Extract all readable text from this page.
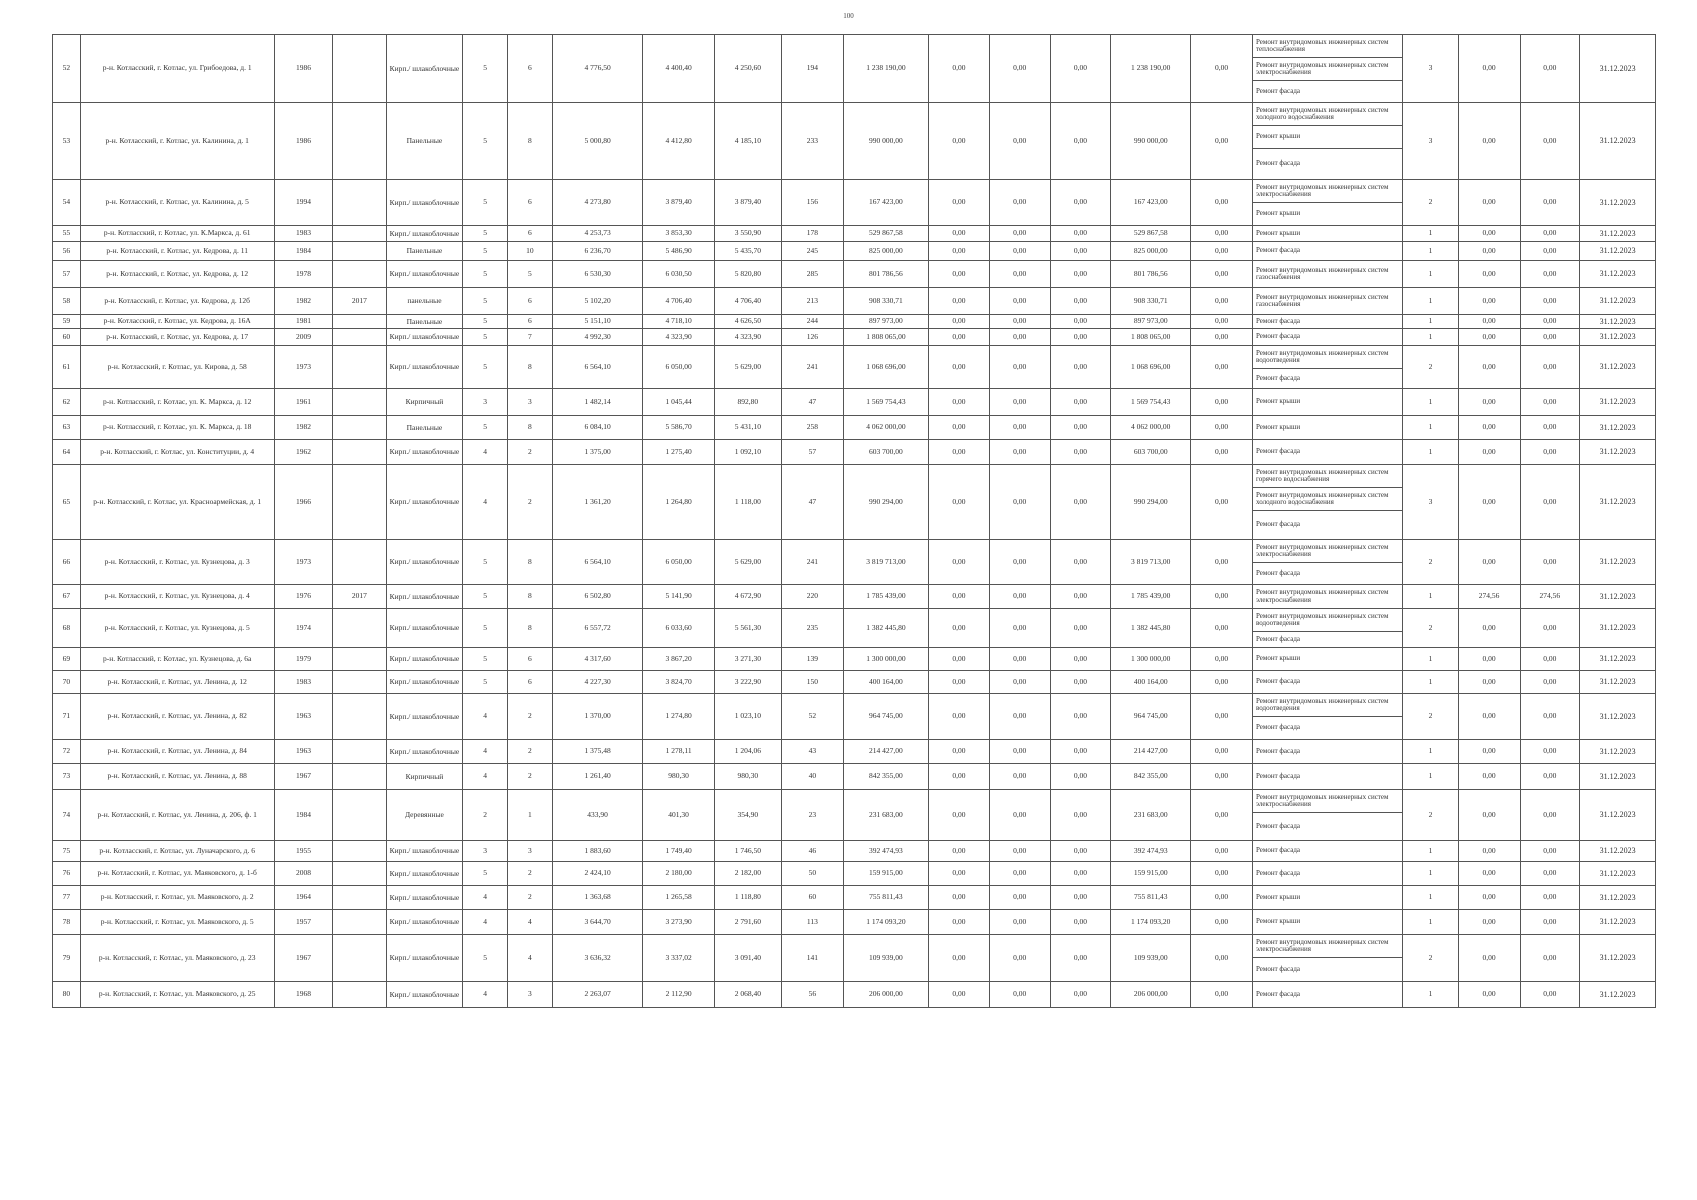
100
52	р-н. Котласский, г. Котлас, ул. Грибоедова, д. 1	1986		Кирп./ шлакоблочные	5	6	4 776,50	4 400,40	4 250,60	194	1 238 190,00	0,00	0,00	0,00	1 238 190,00	0,00	Ремонт внутридомовых инженерных систем теплоснабжения
Ремонт внутридомовых инженерных систем электроснабжения
Ремонт фасада	3	0,00	0,00	31.12.2023
53	р-н. Котласский, г. Котлас, ул. Калинина, д. 1	1986		Панельные	5	8	5 000,80	4 412,80	4 185,10	233	990 000,00	0,00	0,00	0,00	990 000,00	0,00	Ремонт внутридомовых инженерных систем холодного водоснабжения
Ремонт крыши
Ремонт фасада	3	0,00	0,00	31.12.2023
54	р-н. Котласский, г. Котлас, ул. Калинина, д. 5	1994		Кирп./ шлакоблочные	5	6	4 273,80	3 879,40	3 879,40	156	167 423,00	0,00	0,00	0,00	167 423,00	0,00	Ремонт внутридомовых инженерных систем электроснабжения
Ремонт крыши	2	0,00	0,00	31.12.2023
55	р-н. Котласский, г. Котлас, ул. К.Маркса, д. 61	1983		Кирп./ шлакоблочные	5	6	4 253,73	3 853,30	3 550,90	178	529 867,58	0,00	0,00	0,00	529 867,58	0,00	Ремонт крыши	1	0,00	0,00	31.12.2023
56	р-н. Котласский, г. Котлас, ул. Кедрова, д. 11	1984		Панельные	5	10	6 236,70	5 486,90	5 435,70	245	825 000,00	0,00	0,00	0,00	825 000,00	0,00	Ремонт фасада	1	0,00	0,00	31.12.2023
57	р-н. Котласский, г. Котлас, ул. Кедрова, д. 12	1978		Кирп./ шлакоблочные	5	5	6 530,30	6 030,50	5 820,80	285	801 786,56	0,00	0,00	0,00	801 786,56	0,00	Ремонт внутридомовых инженерных систем газоснабжения	1	0,00	0,00	31.12.2023
58	р-н. Котласский, г. Котлас, ул. Кедрова, д. 12б	1982	2017	панельные	5	6	5 102,20	4 706,40	4 706,40	213	908 330,71	0,00	0,00	0,00	908 330,71	0,00	Ремонт внутридомовых инженерных систем газоснабжения	1	0,00	0,00	31.12.2023
59	р-н. Котласский, г. Котлас, ул. Кедрова, д. 16А	1981		Панельные	5	6	5 151,10	4 718,10	4 626,50	244	897 973,00	0,00	0,00	0,00	897 973,00	0,00	Ремонт фасада	1	0,00	0,00	31.12.2023
60	р-н. Котласский, г. Котлас, ул. Кедрова, д. 17	2009		Кирп./ шлакоблочные	5	7	4 992,30	4 323,90	4 323,90	126	1 808 065,00	0,00	0,00	0,00	1 808 065,00	0,00	Ремонт фасада	1	0,00	0,00	31.12.2023
61	р-н. Котласский, г. Котлас, ул. Кирова, д. 58	1973		Кирп./ шлакоблочные	5	8	6 564,10	6 050,00	5 629,00	241	1 068 696,00	0,00	0,00	0,00	1 068 696,00	0,00	Ремонт внутридомовых инженерных систем водоотведения
Ремонт фасада	2	0,00	0,00	31.12.2023
62	р-н. Котласский, г. Котлас, ул. К. Маркса, д. 12	1961		Кирпичный	3	3	1 482,14	1 045,44	892,80	47	1 569 754,43	0,00	0,00	0,00	1 569 754,43	0,00	Ремонт крыши	1	0,00	0,00	31.12.2023
63	р-н. Котласский, г. Котлас, ул. К. Маркса, д. 18	1982		Панельные	5	8	6 084,10	5 586,70	5 431,10	258	4 062 000,00	0,00	0,00	0,00	4 062 000,00	0,00	Ремонт крыши	1	0,00	0,00	31.12.2023
64	р-н. Котласский, г. Котлас, ул. Конституции, д. 4	1962		Кирп./ шлакоблочные	4	2	1 375,00	1 275,40	1 092,10	57	603 700,00	0,00	0,00	0,00	603 700,00	0,00	Ремонт фасада	1	0,00	0,00	31.12.2023
65	р-н. Котласский, г. Котлас, ул. Красноармейская, д. 1	1966		Кирп./ шлакоблочные	4	2	1 361,20	1 264,80	1 118,00	47	990 294,00	0,00	0,00	0,00	990 294,00	0,00	Ремонт внутридомовых инженерных систем горячего водоснабжения
Ремонт внутридомовых инженерных систем холодного водоснабжения
Ремонт фасада	3	0,00	0,00	31.12.2023
66	р-н. Котласский, г. Котлас, ул. Кузнецова, д. 3	1973		Кирп./ шлакоблочные	5	8	6 564,10	6 050,00	5 629,00	241	3 819 713,00	0,00	0,00	0,00	3 819 713,00	0,00	Ремонт внутридомовых инженерных систем электроснабжения
Ремонт фасада	2	0,00	0,00	31.12.2023
67	р-н. Котласский, г. Котлас, ул. Кузнецова, д. 4	1976	2017	Кирп./ шлакоблочные	5	8	6 502,80	5 141,90	4 672,90	220	1 785 439,00	0,00	0,00	0,00	1 785 439,00	0,00	Ремонт внутридомовых инженерных систем электроснабжения	1	274,56	274,56	31.12.2023
68	р-н. Котласский, г. Котлас, ул. Кузнецова, д. 5	1974		Кирп./ шлакоблочные	5	8	6 557,72	6 033,60	5 561,30	235	1 382 445,80	0,00	0,00	0,00	1 382 445,80	0,00	Ремонт внутридомовых инженерных систем водоотведения
Ремонт фасада	2	0,00	0,00	31.12.2023
69	р-н. Котласский, г. Котлас, ул. Кузнецова, д. 6а	1979		Кирп./ шлакоблочные	5	6	4 317,60	3 867,20	3 271,30	139	1 300 000,00	0,00	0,00	0,00	1 300 000,00	0,00	Ремонт крыши	1	0,00	0,00	31.12.2023
70	р-н. Котласский, г. Котлас, ул. Ленина, д. 12	1983		Кирп./ шлакоблочные	5	6	4 227,30	3 824,70	3 222,90	150	400 164,00	0,00	0,00	0,00	400 164,00	0,00	Ремонт фасада	1	0,00	0,00	31.12.2023
71	р-н. Котласский, г. Котлас, ул. Ленина, д. 82	1963		Кирп./ шлакоблочные	4	2	1 370,00	1 274,80	1 023,10	52	964 745,00	0,00	0,00	0,00	964 745,00	0,00	Ремонт внутридомовых инженерных систем водоотведения
Ремонт фасада	2	0,00	0,00	31.12.2023
72	р-н. Котласский, г. Котлас, ул. Ленина, д. 84	1963		Кирп./ шлакоблочные	4	2	1 375,48	1 278,11	1 204,06	43	214 427,00	0,00	0,00	0,00	214 427,00	0,00	Ремонт фасада	1	0,00	0,00	31.12.2023
73	р-н. Котласский, г. Котлас, ул. Ленина, д. 88	1967		Кирпичный	4	2	1 261,40	980,30	980,30	40	842 355,00	0,00	0,00	0,00	842 355,00	0,00	Ремонт фасада	1	0,00	0,00	31.12.2023
74	р-н. Котласский, г. Котлас, ул. Ленина, д. 206, ф. 1	1984		Деревянные	2	1	433,90	401,30	354,90	23	231 683,00	0,00	0,00	0,00	231 683,00	0,00	Ремонт внутридомовых инженерных систем электроснабжения
Ремонт фасада	2	0,00	0,00	31.12.2023
75	р-н. Котласский, г. Котлас, ул. Луначарского, д. 6	1955		Кирп./ шлакоблочные	3	3	1 883,60	1 749,40	1 746,50	46	392 474,93	0,00	0,00	0,00	392 474,93	0,00	Ремонт фасада	1	0,00	0,00	31.12.2023
76	р-н. Котласский, г. Котлас, ул. Маяковского, д. 1-б	2008		Кирп./ шлакоблочные	5	2	2 424,10	2 180,00	2 182,00	50	159 915,00	0,00	0,00	0,00	159 915,00	0,00	Ремонт фасада	1	0,00	0,00	31.12.2023
77	р-н. Котласский, г. Котлас, ул. Маяковского, д. 2	1964		Кирп./ шлакоблочные	4	2	1 363,68	1 265,58	1 118,80	60	755 811,43	0,00	0,00	0,00	755 811,43	0,00	Ремонт крыши	1	0,00	0,00	31.12.2023
78	р-н. Котласский, г. Котлас, ул. Маяковского, д. 5	1957		Кирп./ шлакоблочные	4	4	3 644,70	3 273,90	2 791,60	113	1 174 093,20	0,00	0,00	0,00	1 174 093,20	0,00	Ремонт крыши	1	0,00	0,00	31.12.2023
79	р-н. Котласский, г. Котлас, ул. Маяковского, д. 23	1967		Кирп./ шлакоблочные	5	4	3 636,32	3 337,02	3 091,40	141	109 939,00	0,00	0,00	0,00	109 939,00	0,00	Ремонт внутридомовых инженерных систем электроснабжения
Ремонт фасада	2	0,00	0,00	31.12.2023
80	р-н. Котласский, г. Котлас, ул. Маяковского, д. 25	1968		Кирп./ шлакоблочные	4	3	2 263,07	2 112,90	2 068,40	56	206 000,00	0,00	0,00	0,00	206 000,00	0,00	Ремонт фасада	1	0,00	0,00	31.12.2023
